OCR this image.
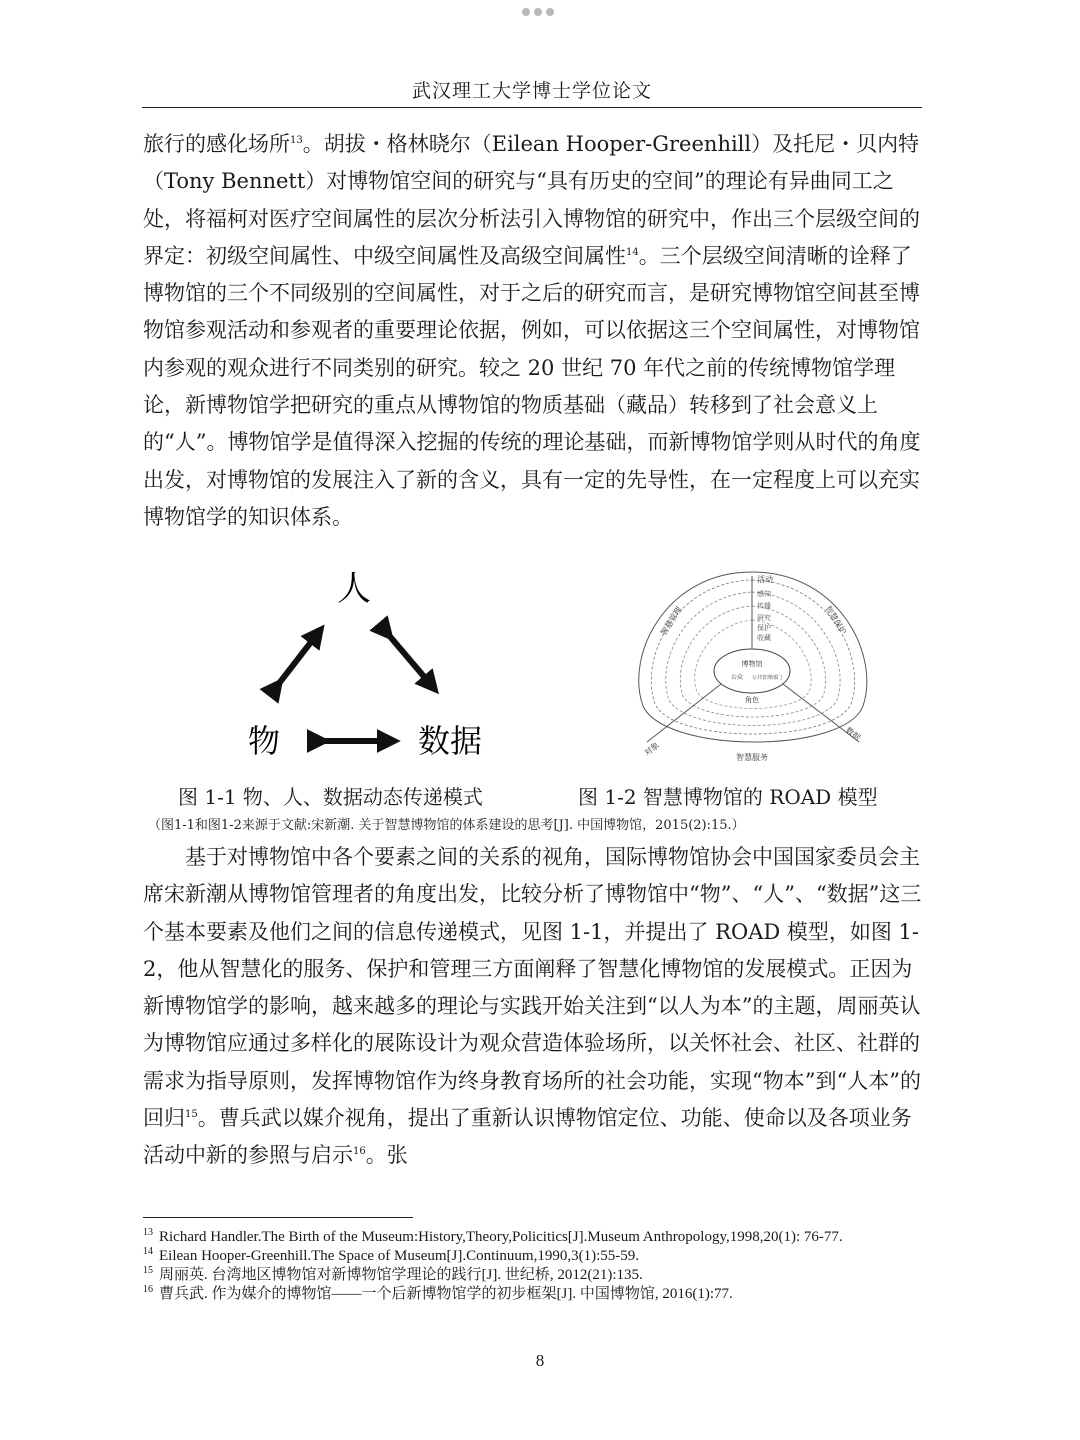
武汉理工大学博士学位论文

旅行的感化场所$^{13}$。胡拔・格林晓尔（Eilean Hooper-Greenhill）及托尼・贝内特（Tony Bennett）对博物馆空间的研究与“具有历史的空间”的理论有异曲同工之处，将福柯对医疗空间属性的层次分析法引入博物馆的研究中，作出三个层级空间的界定：初级空间属性、中级空间属性及高级空间属性$^{14}$。三个层级空间清晰的诠释了博物馆的三个不同级别的空间属性，对于之后的研究而言，是研究博物馆空间甚至博物馆参观活动和参观者的重要理论依据，例如，可以依据这三个空间属性，对博物馆内参观的观众进行不同类别的研究。较之 20 世纪 70 年代之前的传统博物馆学理论，新博物馆学把研究的重点从博物馆的物质基础（藏品）转移到了社会意义上的“人”。博物馆学是值得深入挖掘的传统的理论基础，而新博物馆学则从时代的角度出发，对博物馆的发展注入了新的含义，具有一定的先导性，在一定程度上可以充实博物馆学的知识体系。

人
物	数据
活动
感知
传播
研究
保护
收藏
智慧管理	智慧保护
智慧服务
对象
数据
博物馆
公众 公共管理部门
角色
图 1-1 物、人、数据动态传递模式	图 1-2 智慧博物馆的 ROAD 模型
（图1-1和图1-2来源于文献:宋新潮. 关于智慧博物馆的体系建设的思考[J]. 中国博物馆，2015(2):15.）

基于对博物馆中各个要素之间的关系的视角，国际博物馆协会中国国家委员会主席宋新潮从博物馆管理者的角度出发，比较分析了博物馆中“物”、“人”、“数据”这三个基本要素及他们之间的信息传递模式，见图 1-1，并提出了 ROAD 模型，如图 1-2，他从智慧化的服务、保护和管理三方面阐释了智慧化博物馆的发展模式。正因为新博物馆学的影响，越来越多的理论与实践开始关注到“以人为本”的主题，周丽英认为博物馆应通过多样化的展陈设计为观众营造体验场所，以关怀社会、社区、社群的需求为指导原则，发挥博物馆作为终身教育场所的社会功能，实现“物本”到“人本”的回归$^{15}$。曹兵武以媒介视角，提出了重新认识博物馆定位、功能、使命以及各项业务活动中新的参照与启示$^{16}$。张

$^{13}$ Richard Handler.The Birth of the Museum:History,Theory,Policitics[J].Museum Anthropology,1998,20(1): 76-77.

$^{14}$ Eilean Hooper-Greenhill.The Space of Museum[J].Continuum,1990,3(1):55-59.

$^{15}$ 周丽英. 台湾地区博物馆对新博物馆学理论的践行[J]. 世纪桥, 2012(21):135.

$^{16}$ 曹兵武. 作为媒介的博物馆——一个后新博物馆学的初步框架[J]. 中国博物馆, 2016(1):77.

8
